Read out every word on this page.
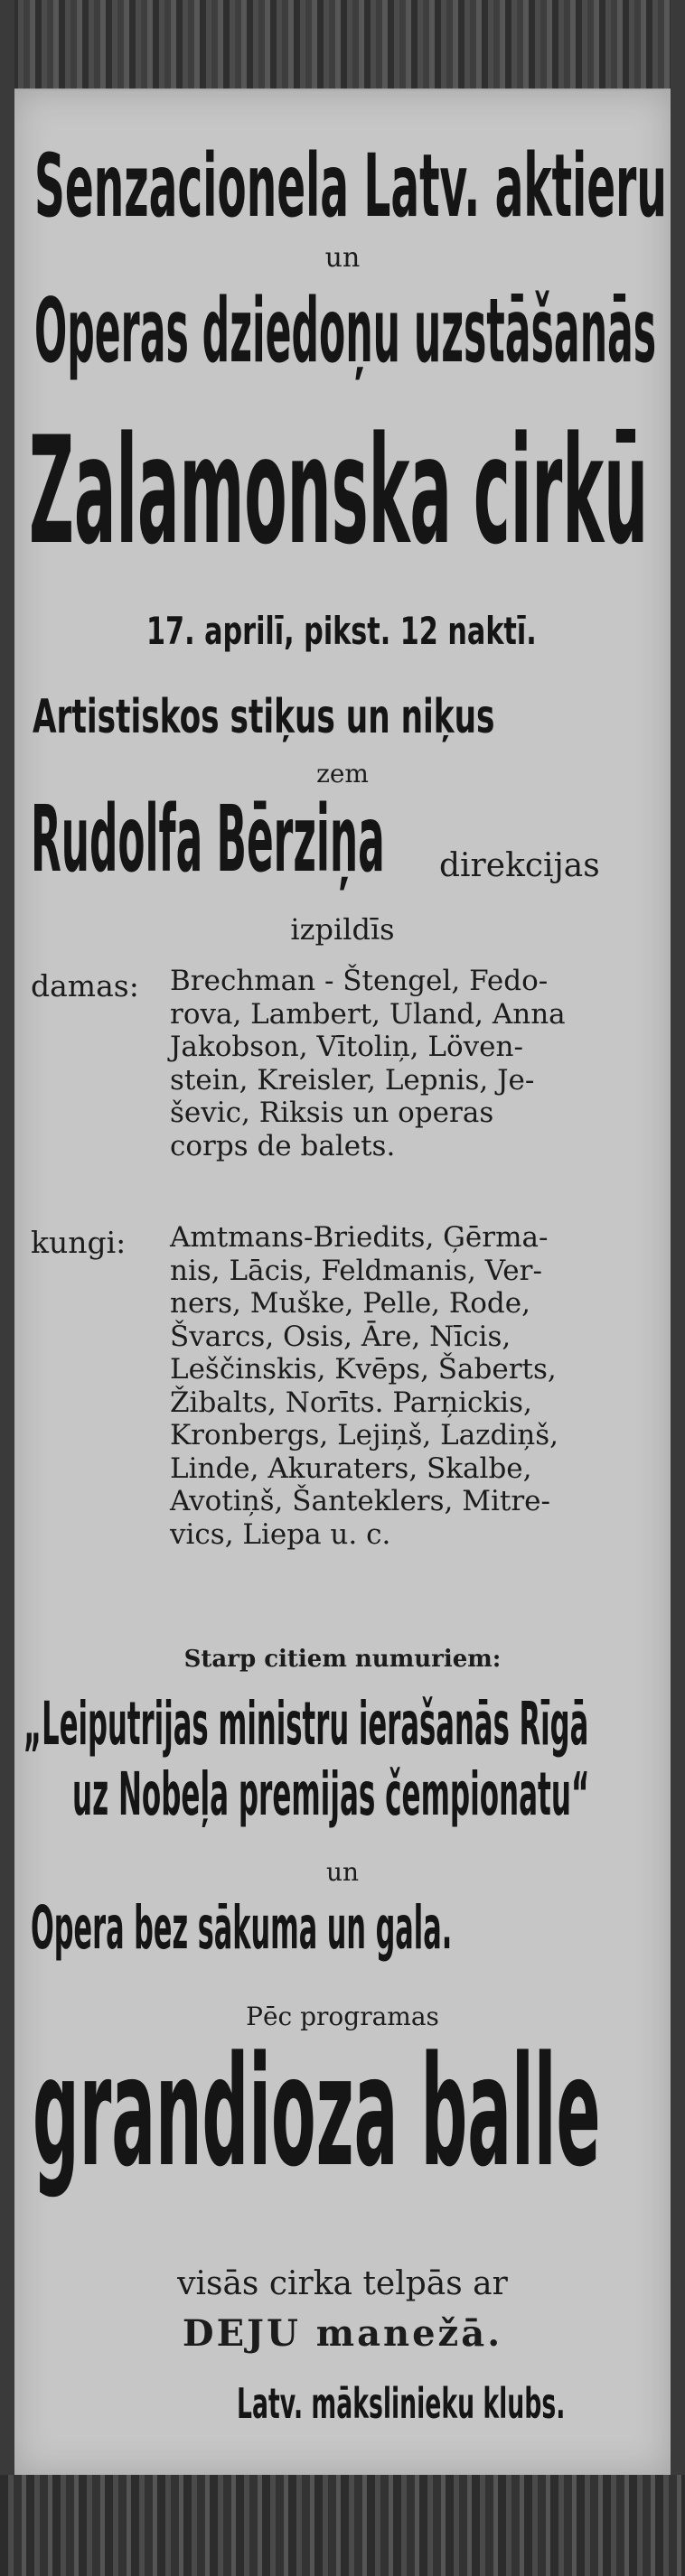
Senzacionela Latv. aktieru
un
Operas dziedoņu uzstāšanās
Zalamonska cirkū
17. aprilī, pikst. 12 naktī.
Artistiskos stiķus un niķus
zem
Rudolfa Bērziņa direkcijas
izpildīs
damas: Brechman - Štengel, Fedo-
rova, Lambert, Uland, Anna
Jakobson, Vītoliņ, Löven-
stein, Kreisler, Lepnis, Je-
ševic, Riksis un operas
corps de balets.
kungi: Amtmans-Briedits, Ģērma-
nis, Lācis, Feldmanis, Ver-
ners, Muške, Pelle, Rode,
Švarcs, Osis, Āre, Nīcis,
Leščinskis, Kvēps, Šaberts,
Žibalts, Norīts. Parņickis,
Kronbergs, Lejiņš, Lazdiņš,
Linde, Akuraters, Skalbe,
Avotiņš, Šanteklers, Mitre-
vics, Liepa u. c.
Starp citiem numuriem:
„Leiputrijas ministru ierašanās Rīgā
uz Nobeļa premijas čempionatu“
un
Opera bez sākuma un gala.
Pēc programas
grandioza balle
visās cirka telpās ar
DEJU manežā.
Latv. mākslinieku klubs.
